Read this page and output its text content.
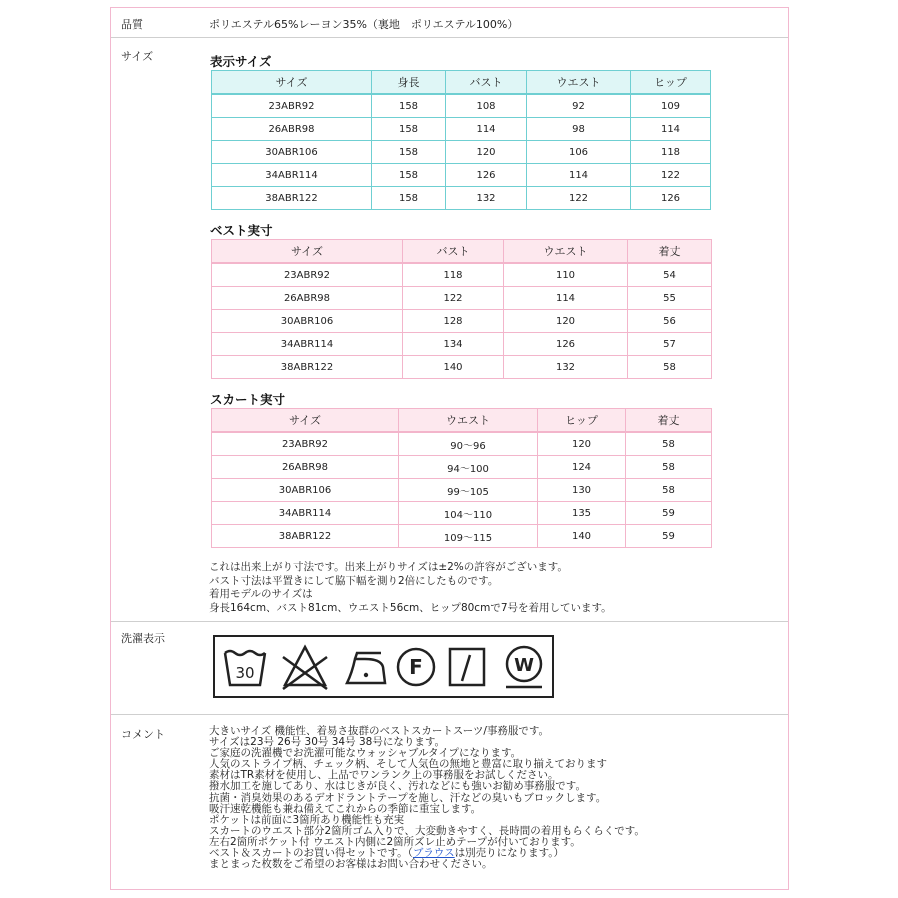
品質	ポリエステル65%レーヨン35%（裏地　ポリエステル100%）
サイズ	表示サイズ
サイズ	身長	バスト	ウエスト	ヒップ
23ABR92	158	108	92	109
26ABR98	158	114	98	114
30ABR106	158	120	106	118
34ABR114	158	126	114	122
38ABR122	158	132	122	126
ベスト実寸
サイズ	バスト	ウエスト	着丈
23ABR92	118	110	54
26ABR98	122	114	55
30ABR106	128	120	56
34ABR114	134	126	57
38ABR122	140	132	58
スカート実寸
サイズ	ウエスト	ヒップ	着丈
23ABR92	90～96	120	58
26ABR98	94～100	124	58
30ABR106	99～105	130	58
34ABR114	104～110	135	59
38ABR122	109～115	140	59
これは出来上がり寸法です。出来上がりサイズは±2%の許容がございます。
バスト寸法は平置きにして脇下幅を測り2倍にしたものです。
着用モデルのサイズは
身長164cm、バスト81cm、ウエスト56cm、ヒップ80cmで7号を着用しています。
洗濯表示
30	F	W
コメント	大きいサイズ 機能性、着易さ抜群のベストスカートスーツ/事務服です。
サイズは23号 26号 30号 34号 38号になります。
ご家庭の洗濯機でお洗濯可能なウォッシャブルタイプになります。
人気のストライプ柄、チェック柄、そして人気色の無地と豊富に取り揃えております
素材はTR素材を使用し、上品でワンランク上の事務服をお試しください。
撥水加工を施してあり、水はじきが良く、汚れなどにも強いお勧め事務服です。
抗菌・消臭効果のあるデオドラントテープを施し、汗などの臭いもブロックします。
吸汗速乾機能も兼ね備えてこれからの季節に重宝します。
ポケットは前面に3箇所あり機能性も充実
スカートのウエスト部分2箇所ゴム入りで、大変動きやすく、長時間の着用もらくらくです。
左右2箇所ポケット付 ウエスト内側に2箇所ズレ止めテープが付いております。
ベスト＆スカートのお買い得セットです。（ブラウスは別売りになります。）
まとまった枚数をご希望のお客様はお問い合わせください。
